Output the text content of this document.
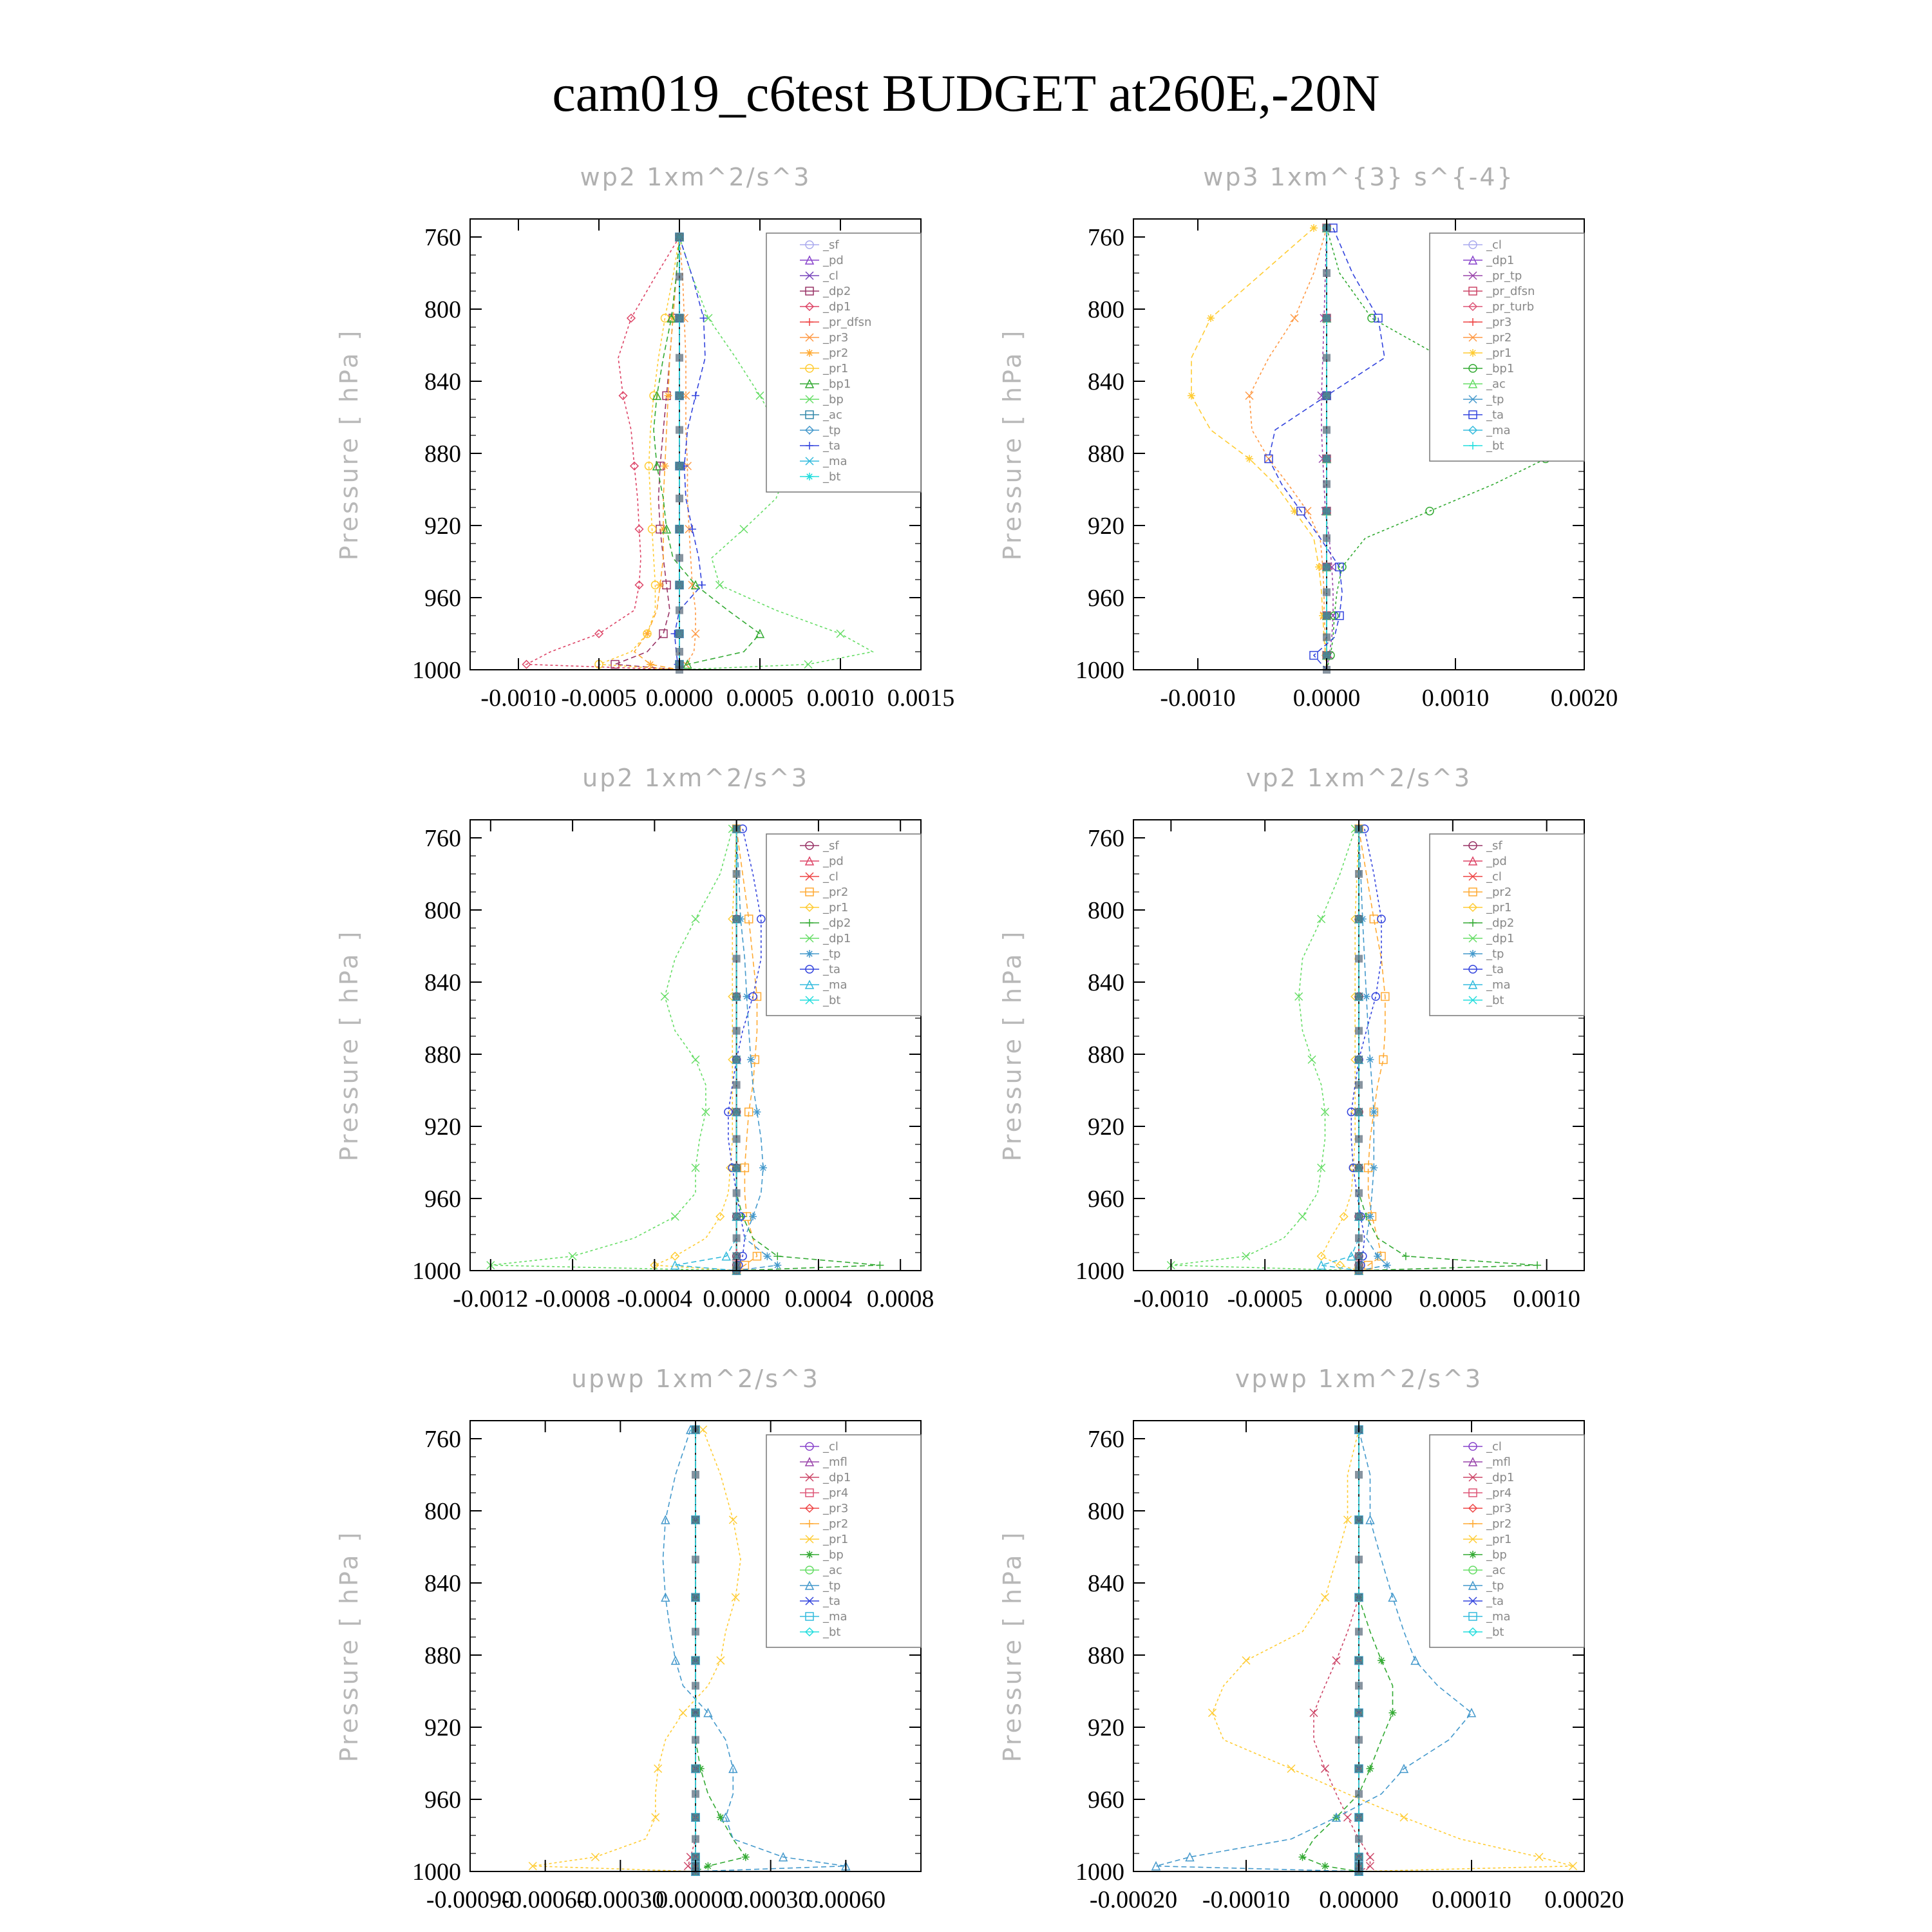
cam019_c6test BUDGET at260E,-20N
wp2 1xm^2/s^3
Pressure [ hPa ]
760
800
840
880
920
960
1000
-0.0010 -0.0005 0.0000 0.0005 0.0010 0.0015
_sf
_pd
_cl
_dp2
_dp1
_pr_dfsn
_pr3
_pr2
_pr1
_bp1
_bp
_ac
_tp
_ta
_ma
_bt
wp3 1xm^{3} s^{-4}
Pressure [ hPa ]
760
800
840
880
920
960
1000
-0.0010 0.0000	0.0010	0.0020
_cl
_dp1
_pr_tp
_pr_dfsn
_pr_turb
_pr3
_pr2
_pr1
_bp1
_ac
_tp
_ta
_ma
_bt
up2 1xm^2/s^3
Pressure [ hPa ]
760
800
840
880
920
960
1000
-0.0012 -0.0008 -0.0004 0.0000 0.0004 0.0008
_sf
_pd
_cl
_pr2
_pr1
_dp2
_dp1
_tp
_ta
_ma
_bt
vp2 1xm^2/s^3
Pressure [ hPa ]
760
800
840
880
920
960
1000
-0.0010 -0.0005 0.0000 0.0005 0.0010
_sf
_pd
_cl
_pr2
_pr1
_dp2
_dp1
_tp
_ta
_ma
_bt
upwp 1xm^2/s^3
Pressure [ hPa ]
760
800
840
880
920
960
1000
-0.00090
-0.00060
-0.00030
0.00000
0.00030
0.00060
_cl
_mfl
_dp1
_pr4
_pr3
_pr2
_pr1
_bp
_ac
_tp
_ta
_ma
_bt
vpwp 1xm^2/s^3
Pressure [ hPa ]
760
800
840
880
920
960
1000
-0.00020 -0.00010 0.00000 0.00010 0.00020
_cl
_mfl
_dp1
_pr4
_pr3
_pr2
_pr1
_bp
_ac
_tp
_ta
_ma
_bt
